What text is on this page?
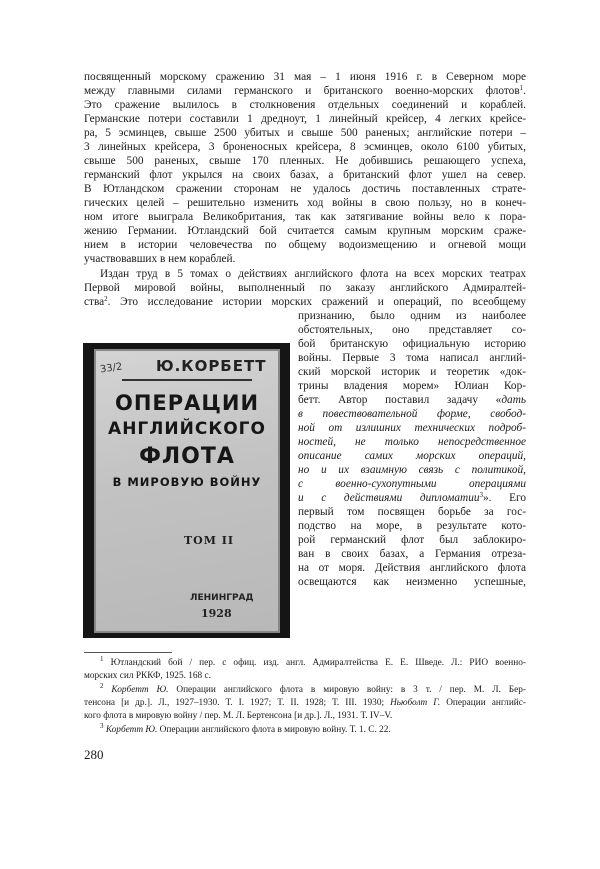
посвященный морскому сражению 31 мая – 1 июня 1916 г. в Северном море
между главными силами германского и британского военно-морских флотов$^1$.
Это сражение вылилось в столкновения отдельных соединений и кораблей.
Германские потери составили 1 дредноут, 1 линейный крейсер, 4 легких крейсе-
ра, 5 эсминцев, свыше 2500 убитых и свыше 500 раненых; английские потери –
3 линейных крейсера, 3 броненосных крейсера, 8 эсминцев, около 6100 убитых,
свыше 500 раненых, свыше 170 пленных. Не добившись решающего успеха,
германский флот укрылся на своих базах, а британский флот ушел на север.
В Ютландском сражении сторонам не удалось достичь поставленных страте-
гических целей – решительно изменить ход войны в свою пользу, но в конеч-
ном итоге выиграла Великобритания, так как затягивание войны вело к пора-
жению Германии. Ютландский бой считается самым крупным морским сраже-
нием в истории человечества по общему водоизмещению и огневой мощи
участвовавших в нем кораблей.
Издан труд в 5 томах о действиях английского флота на всех морских театрах
Первой мировой войны, выполненный по заказу английского Адмиралтей-
ства$^2$. Это исследование истории морских сражений и операций, по всеобщему
33/2 Ю.КОРБЕТТ
ОПЕРАЦИИ
АНГЛИЙСКОГО
ФЛОТА
В МИРОВУЮ ВОЙНУ
ТОМ II
ЛЕНИНГРАД
1928
признанию, было одним из наиболее
обстоятельных, оно представляет со-
бой британскую официальную историю
войны. Первые 3 тома написал англий-
ский морской историк и теоретик «док-
трины владения морем» Юлиан Кор-
бетт. Автор поставил задачу «дать
в повествовательной форме, свобод-
ной от излишних технических подроб-
ностей, не только непосредственное
описание самих морских операций,
но и их взаимную связь с политикой,
с военно-сухопутными операциями
и с действиями дипломатии$^3$». Его
первый том посвящен борьбе за гос-
подство на море, в результате кото-
рой германский флот был заблокиро-
ван в своих базах, а Германия отреза-
на от моря. Действия английского флота
освещаются как неизменно успешные,
$^1$ Ютландский бой / пер. с офиц. изд. англ. Адмиралтейства Е. Е. Шведе. Л.: РИО военно-
морских сил РККФ, 1925. 168 с.
$^2$ Корбетт Ю. Операции английского флота в мировую войну: в 3 т. / пер. М. Л. Бер-
тенсона [и др.]. Л., 1927–1930. Т. I. 1927; Т. II. 1928; Т. III. 1930; Ньюболт Г. Операции английс-
кого флота в мировую войну / пер. М. Л. Бертенсона [и др.]. Л., 1931. Т. IV–V.
$^3$ Корбетт Ю. Операции английского флота в мировую войну. Т. 1. С. 22.
280
